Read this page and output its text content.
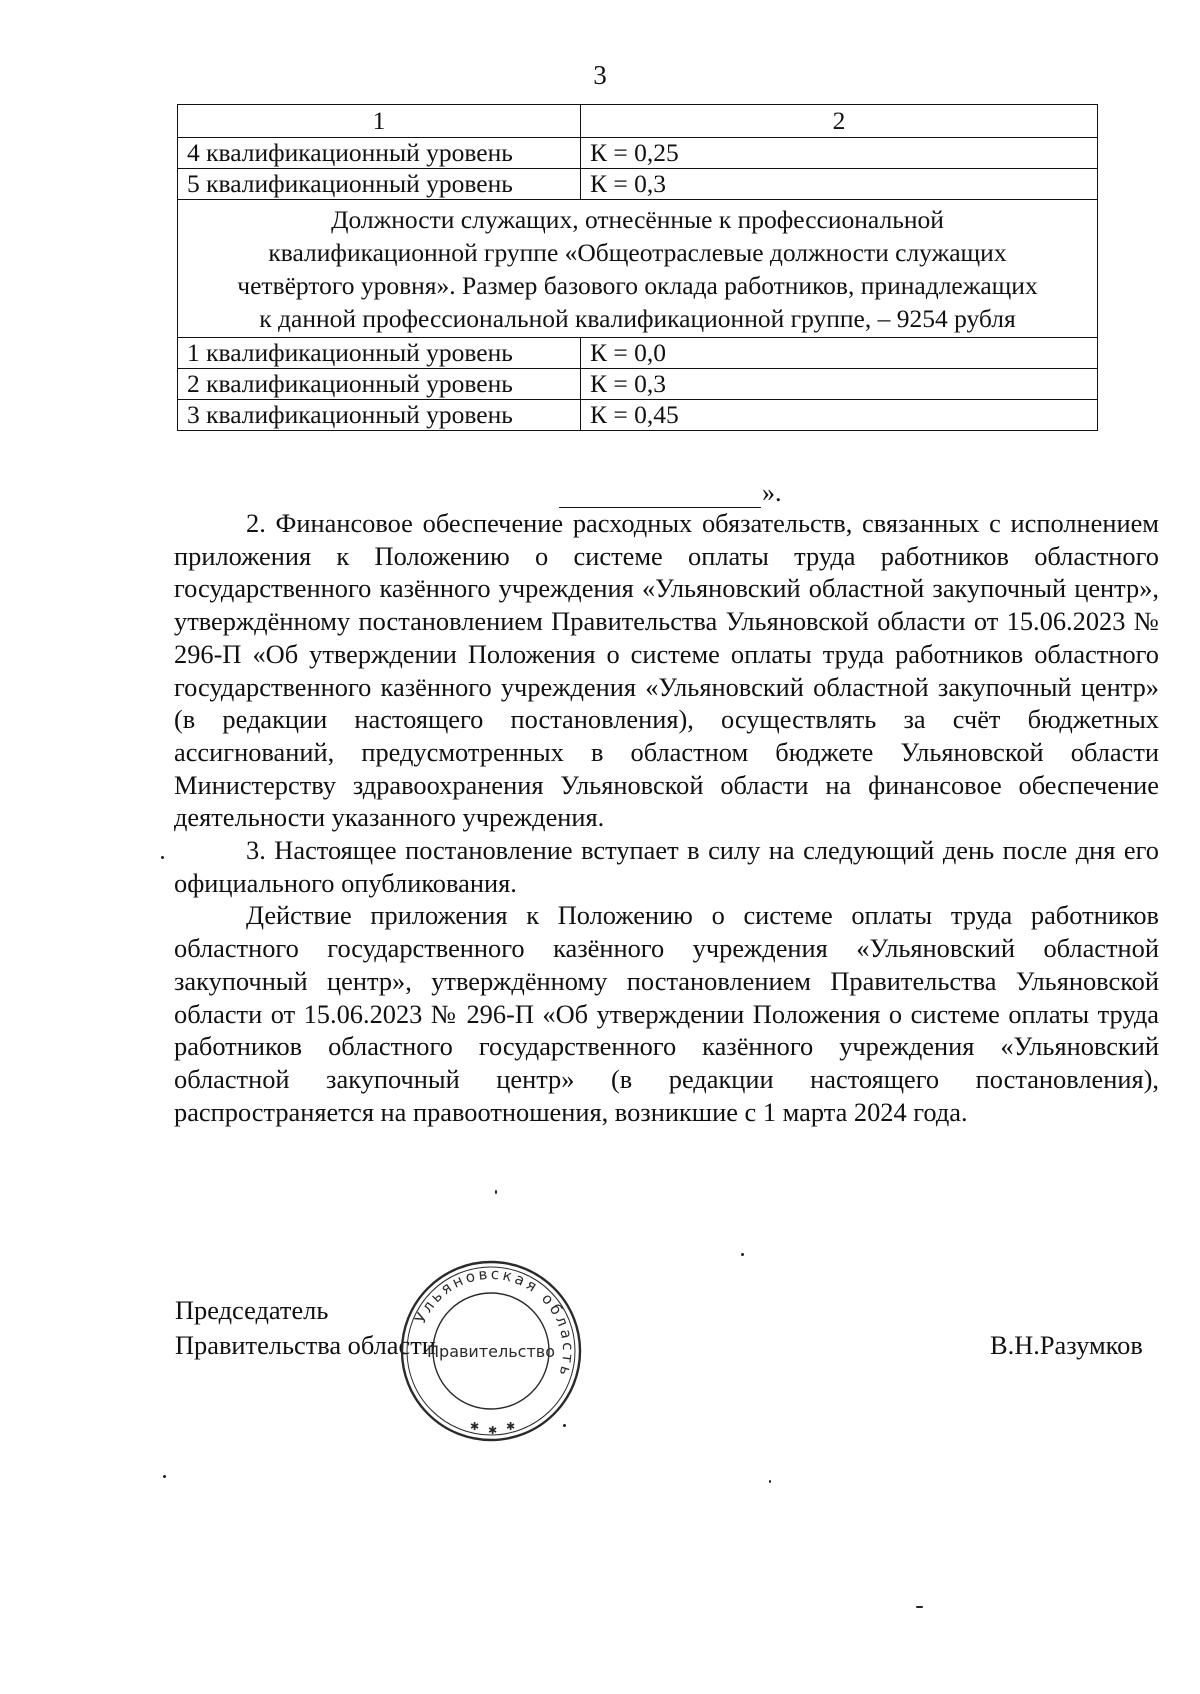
3
1	2
4 квалификационный уровень	К = 0,25
5 квалификационный уровень	К = 0,3

Должности служащих, отнесённые к профессиональной
квалификационной группе «Общеотраслевые должности служащих
четвёртого уровня». Размер базового оклада работников, принадлежащих
к данной профессиональной квалификационной группе, – 9254 рубля	

1 квалификационный уровень	К = 0,0
2 квалификационный уровень	К = 0,3
3 квалификационный уровень	К = 0,45
».

2. Финансовое обеспечение расходных обязательств, связанных с исполнением приложения к Положению о системе оплаты труда работников областного государственного казённого учреждения «Ульяновский областной закупочный центр», утверждённому постановлением Правительства Ульяновской области от 15.06.2023 № 296-П «Об утверждении Положения о системе оплаты труда работников областного государственного казённого учреждения «Ульяновский областной закупочный центр» (в редакции настоящего постановления), осуществлять за счёт бюджетных ассигнований, предусмотренных в областном бюджете Ульяновской области Министерству здравоохранения Ульяновской области на финансовое обеспечение деятельности указанного учреждения.

3. Настоящее постановление вступает в силу на следующий день после дня его официального опубликования.

Действие приложения к Положению о системе оплаты труда работников областного государственного казённого учреждения «Ульяновский областной закупочный центр», утверждённому постановлением Правительства Ульяновской области от 15.06.2023 № 296-П «Об утверждении Положения о системе оплаты труда работников областного государственного казённого учреждения «Ульяновский областной закупочный центр» (в редакции настоящего постановления), распространяется на правоотношения, возникшие с 1 марта 2024 года.

Председатель
Правительства области
Ульяновская область
Правительство
✱ ✱ ✱
В.Н.Разумков
